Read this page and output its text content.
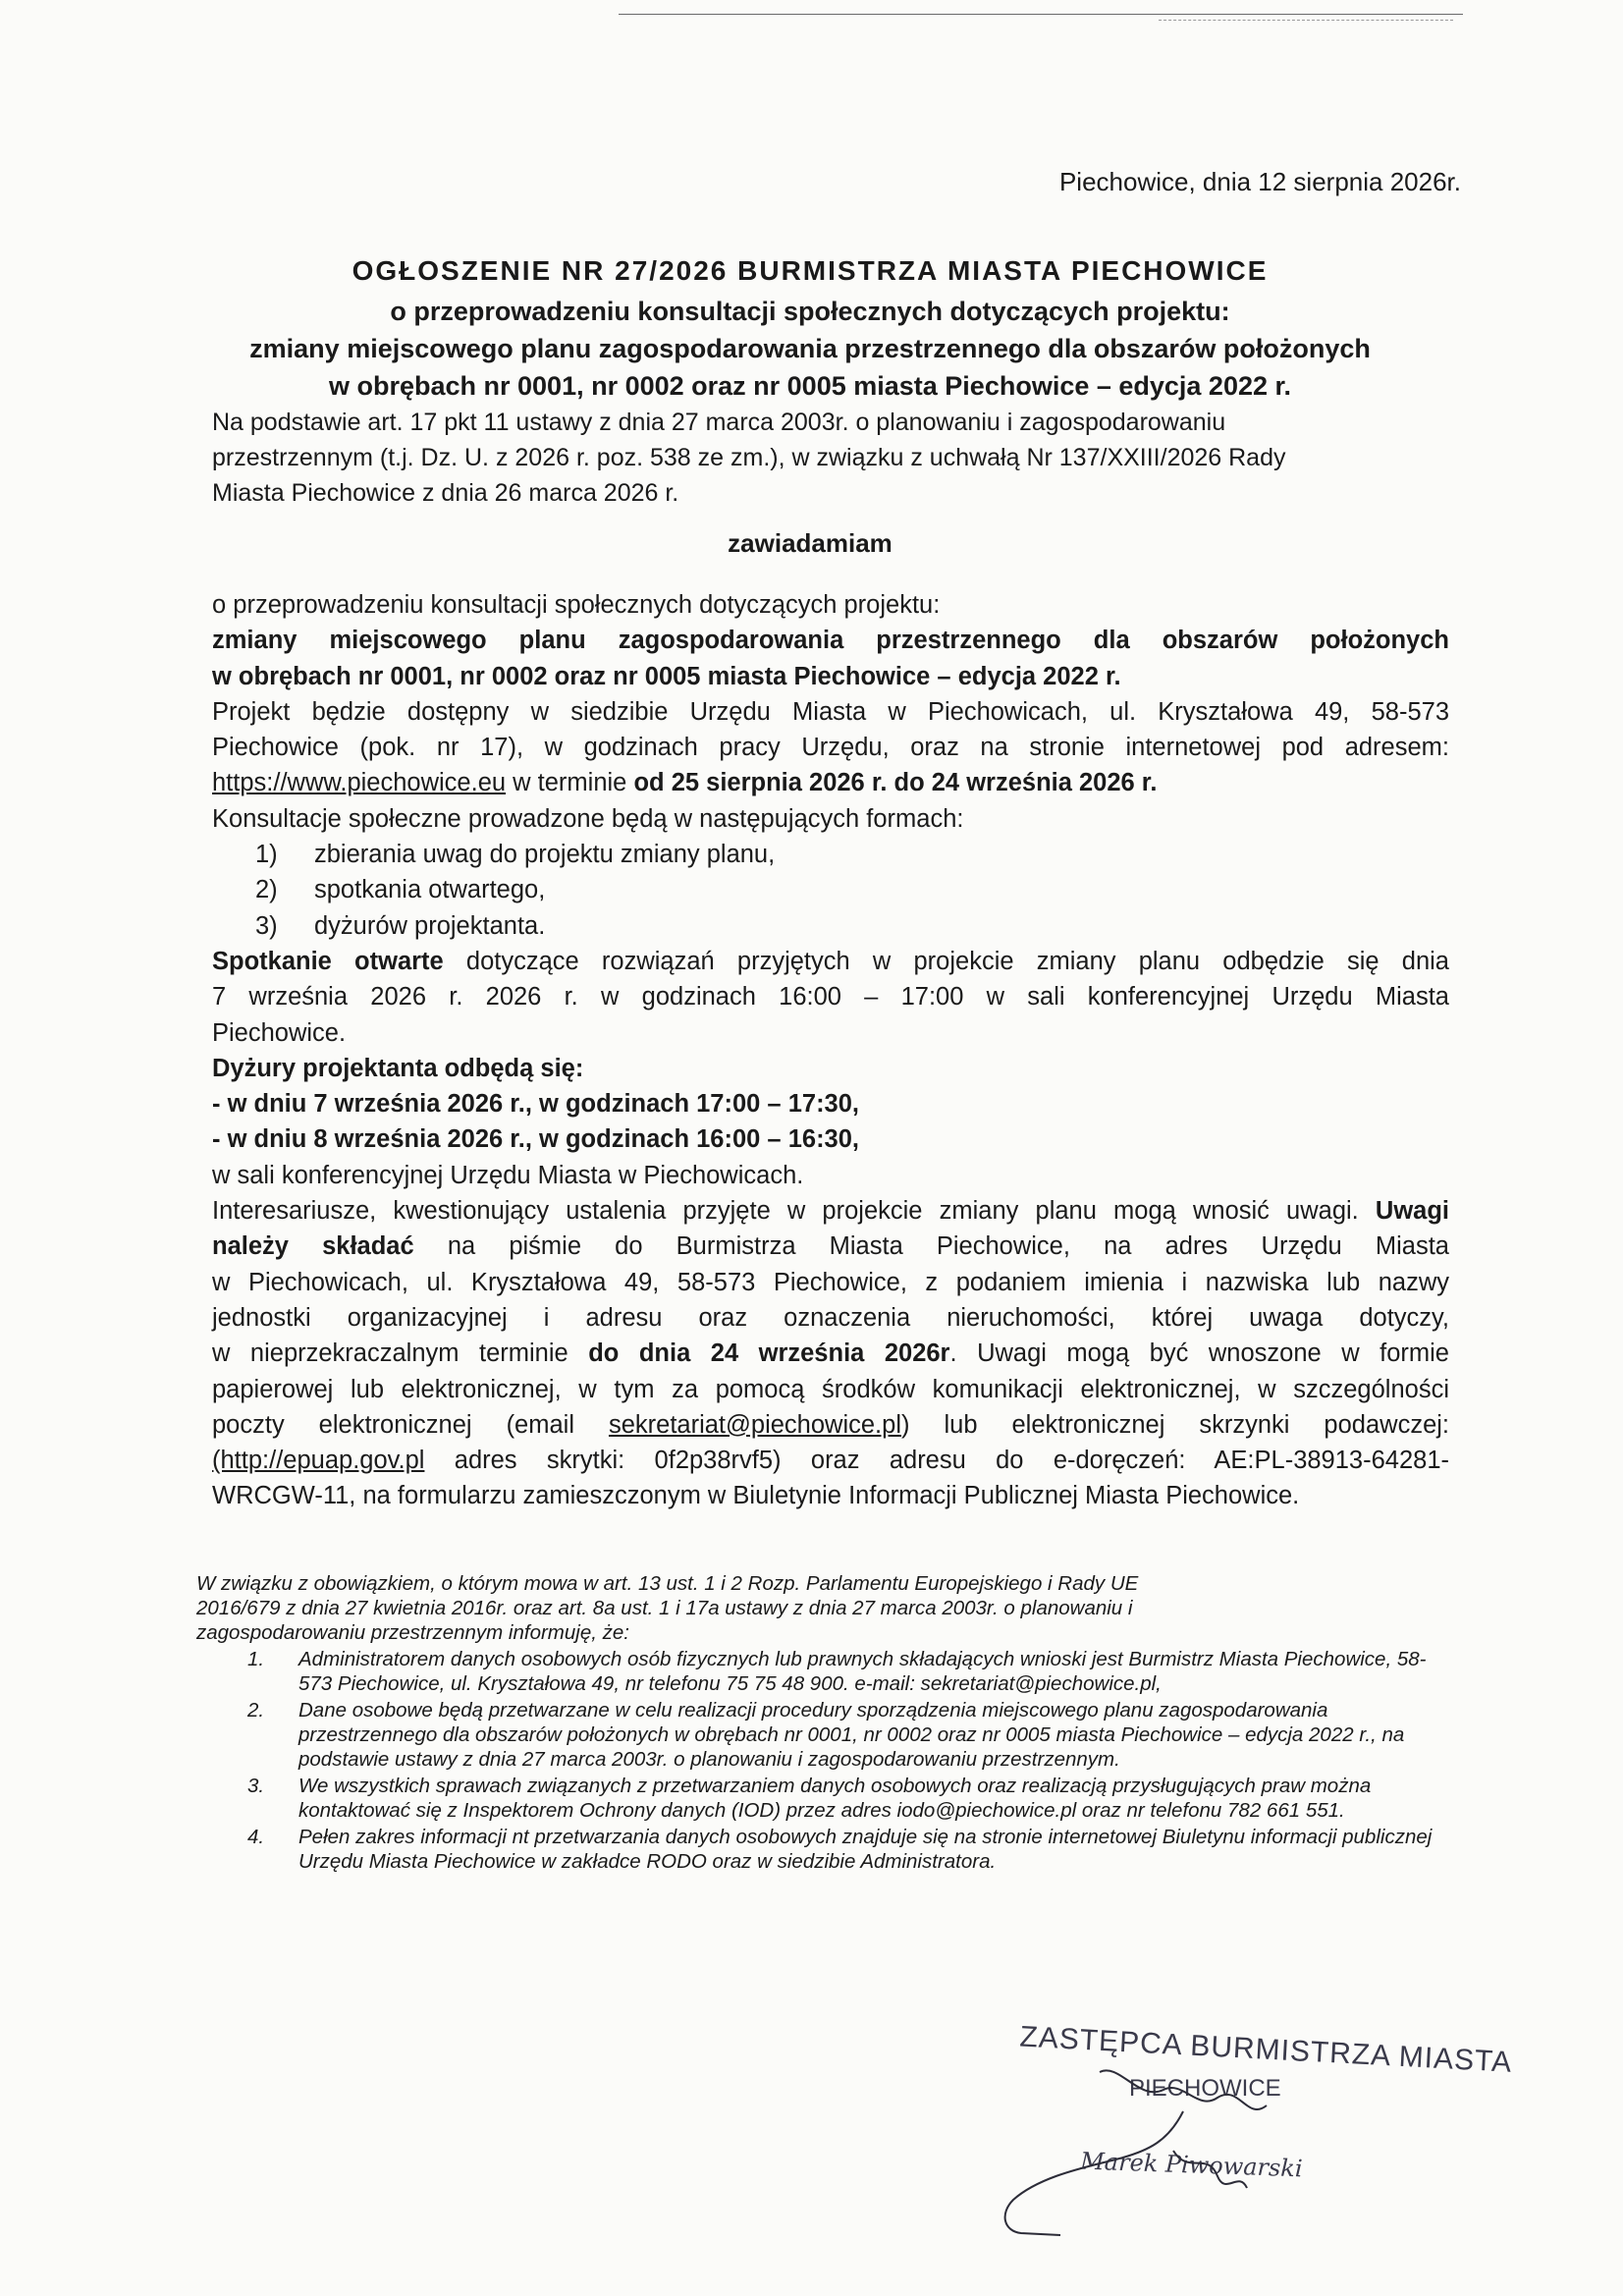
Piechowice, dnia 12 sierpnia 2026r.
OGŁOSZENIE NR 27/2026 BURMISTRZA MIASTA PIECHOWICE
o przeprowadzeniu konsultacji społecznych dotyczących projektu:
zmiany miejscowego planu zagospodarowania przestrzennego dla obszarów położonych
w obrębach nr 0001, nr 0002 oraz nr 0005 miasta Piechowice – edycja 2022 r.
Na podstawie art. 17 pkt 11 ustawy z dnia 27 marca 2003r. o planowaniu i zagospodarowaniu
przestrzennym (t.j. Dz. U. z 2026 r. poz. 538 ze zm.), w związku z uchwałą Nr 137/XXIII/2026 Rady
Miasta Piechowice z dnia 26 marca 2026 r.
zawiadamiam

o przeprowadzeniu konsultacji społecznych dotyczących projektu:

zmiany miejscowego planu zagospodarowania przestrzennego dla obszarów położonych

w obrębach nr 0001, nr 0002 oraz nr 0005 miasta Piechowice – edycja 2022 r.

Projekt będzie dostępny w siedzibie Urzędu Miasta w Piechowicach, ul. Kryształowa 49, 58-573

Piechowice (pok. nr 17), w godzinach pracy Urzędu, oraz na stronie internetowej pod adresem:

https://www.piechowice.eu w terminie od 25 sierpnia 2026 r. do 24 września 2026 r.

Konsultacje społeczne prowadzone będą w następujących formach:

1)	zbierania uwag do projektu zmiany planu,
2)	spotkania otwartego,
3)	dyżurów projektanta.

Spotkanie otwarte dotyczące rozwiązań przyjętych w projekcie zmiany planu odbędzie się dnia

7 września 2026 r. 2026 r. w godzinach 16:00 – 17:00 w sali konferencyjnej Urzędu Miasta

Piechowice.

Dyżury projektanta odbędą się:

- w dniu 7 września 2026 r., w godzinach 17:00 – 17:30,

- w dniu 8 września 2026 r., w godzinach 16:00 – 16:30,

w sali konferencyjnej Urzędu Miasta w Piechowicach.

Interesariusze, kwestionujący ustalenia przyjęte w projekcie zmiany planu mogą wnosić uwagi. Uwagi

należy składać na piśmie do Burmistrza Miasta Piechowice, na adres Urzędu Miasta

w Piechowicach, ul. Kryształowa 49, 58-573 Piechowice, z podaniem imienia i nazwiska lub nazwy

jednostki organizacyjnej i adresu oraz oznaczenia nieruchomości, której uwaga dotyczy,

w nieprzekraczalnym terminie do dnia 24 września 2026r. Uwagi mogą być wnoszone w formie

papierowej lub elektronicznej, w tym za pomocą środków komunikacji elektronicznej, w szczególności

poczty elektronicznej (email sekretariat@piechowice.pl) lub elektronicznej skrzynki podawczej:

(http://epuap.gov.pl adres skrytki: 0f2p38rvf5) oraz adresu do e-doręczeń: AE:PL-38913-64281-

WRCGW-11, na formularzu zamieszczonym w Biuletynie Informacji Publicznej Miasta Piechowice.

W związku z obowiązkiem, o którym mowa w art. 13 ust. 1 i 2 Rozp. Parlamentu Europejskiego i Rady UE

2016/679 z dnia 27 kwietnia 2016r. oraz art. 8a ust. 1 i 17a ustawy z dnia 27 marca 2003r. o planowaniu i

zagospodarowaniu przestrzennym informuję, że:

1. Administratorem danych osobowych osób fizycznych lub prawnych składających wnioski jest Burmistrz Miasta Piechowice, 58-573 Piechowice, ul. Kryształowa 49, nr telefonu 75 75 48 900. e-mail: sekretariat@piechowice.pl,
2. Dane osobowe będą przetwarzane w celu realizacji procedury sporządzenia miejscowego planu zagospodarowania przestrzennego dla obszarów położonych w obrębach nr 0001, nr 0002 oraz nr 0005 miasta Piechowice – edycja 2022 r., na podstawie ustawy z dnia 27 marca 2003r. o planowaniu i zagospodarowaniu przestrzennym.
3. We wszystkich sprawach związanych z przetwarzaniem danych osobowych oraz realizacją przysługujących praw można kontaktować się z Inspektorem Ochrony danych (IOD) przez adres iodo@piechowice.pl oraz nr telefonu 782 661 551.
4. Pełen zakres informacji nt przetwarzania danych osobowych znajduje się na stronie internetowej Biuletynu informacji publicznej Urzędu Miasta Piechowice w zakładce RODO oraz w siedzibie Administratora.
ZASTĘPCA BURMISTRZA MIASTA
PIECHOWICE
Marek Piwowarski
